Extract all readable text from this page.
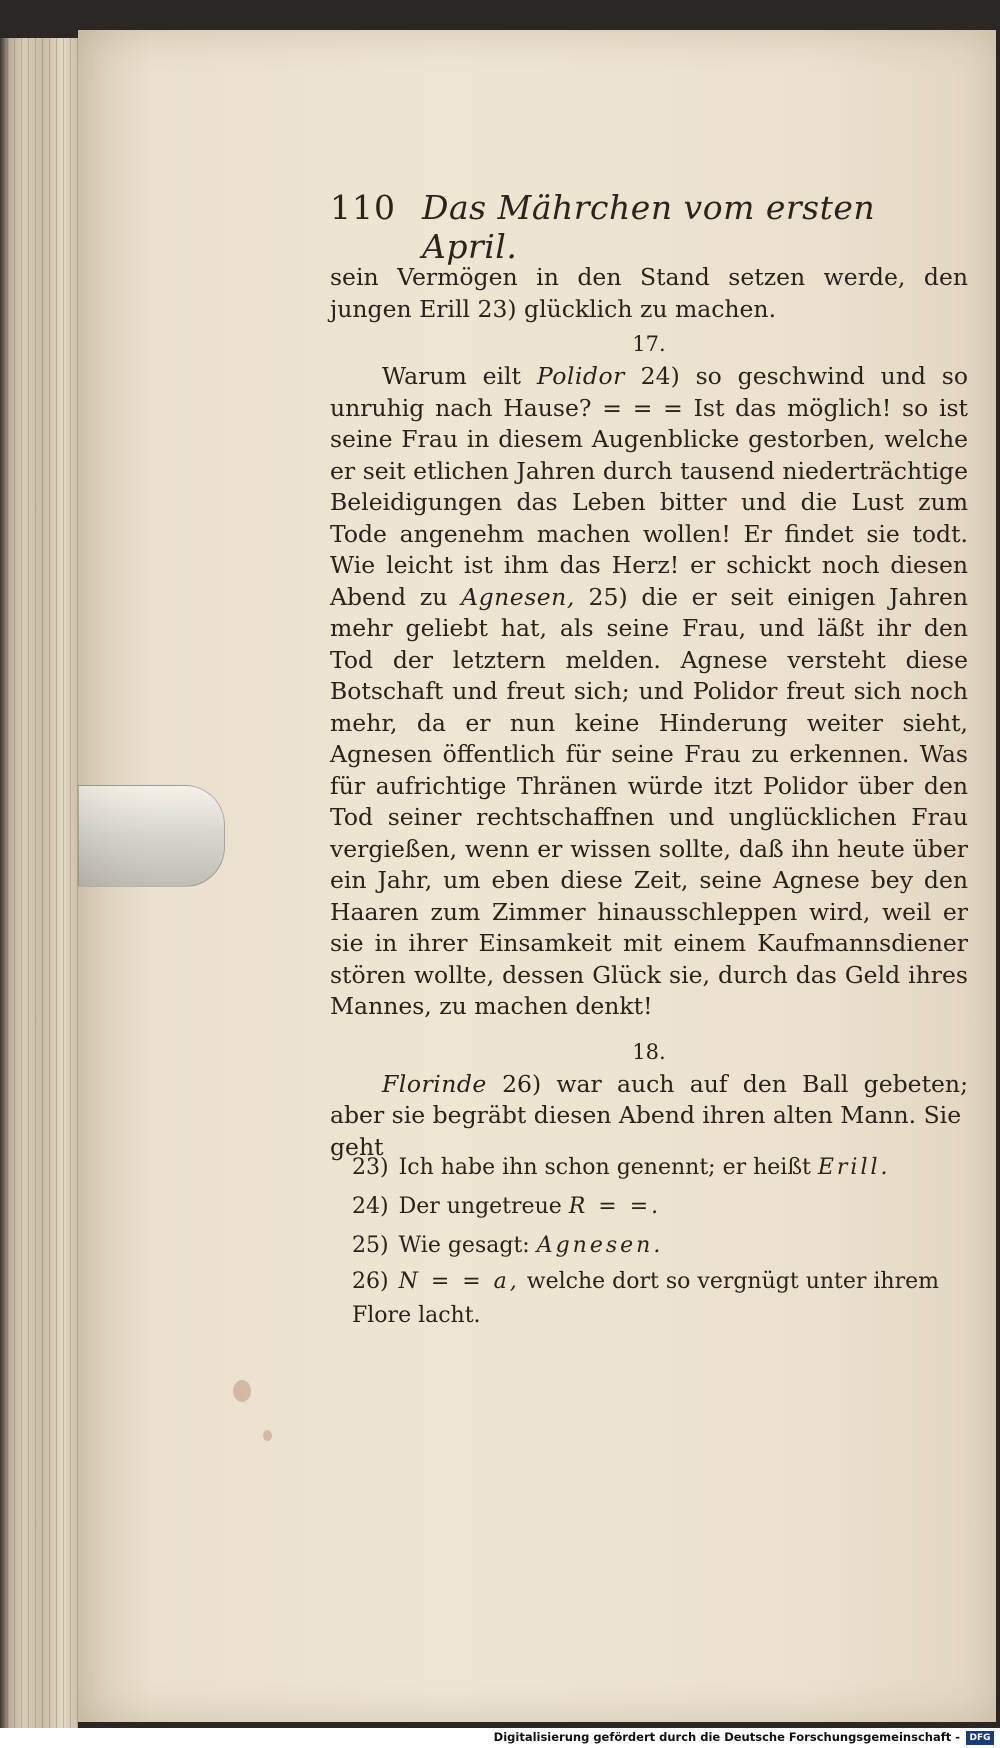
110 Das Mährchen vom ersten April.

sein Vermögen in den Stand setzen werde, den jungen Erill 23) glücklich zu machen.

17.

Warum eilt Polidor 24) so geschwind und so unruhig nach Hause? = = = Ist das möglich! so ist seine Frau in diesem Augenblicke gestorben, welche er seit etlichen Jahren durch tausend niederträchtige Beleidigungen das Leben bitter und die Lust zum Tode angenehm machen wollen! Er findet sie todt. Wie leicht ist ihm das Herz! er schickt noch diesen Abend zu Agnesen, 25) die er seit einigen Jahren mehr geliebt hat, als seine Frau, und läßt ihr den Tod der letztern melden. Agnese versteht diese Botschaft und freut sich; und Polidor freut sich noch mehr, da er nun keine Hinderung weiter sieht, Agnesen öffentlich für seine Frau zu erkennen. Was für aufrichtige Thränen würde itzt Polidor über den Tod seiner rechtschaffnen und unglücklichen Frau vergießen, wenn er wissen sollte, daß ihn heute über ein Jahr, um eben diese Zeit, seine Agnese bey den Haaren zum Zimmer hinausschleppen wird, weil er sie in ihrer Einsamkeit mit einem Kaufmannsdiener stören wollte, dessen Glück sie, durch das Geld ihres Mannes, zu machen denkt!

18.

Florinde 26) war auch auf den Ball gebeten; aber sie begräbt diesen Abend ihren alten Mann. Sie

geht

23) Ich habe ihn schon genennt; er heißt Erill.

24) Der ungetreue R = =.

25) Wie gesagt: Agnesen.

26) N = = a, welche dort so vergnügt unter ihrem Flore lacht.

Digitalisierung gefördert durch die Deutsche Forschungsgemeinschaft -	DFG
